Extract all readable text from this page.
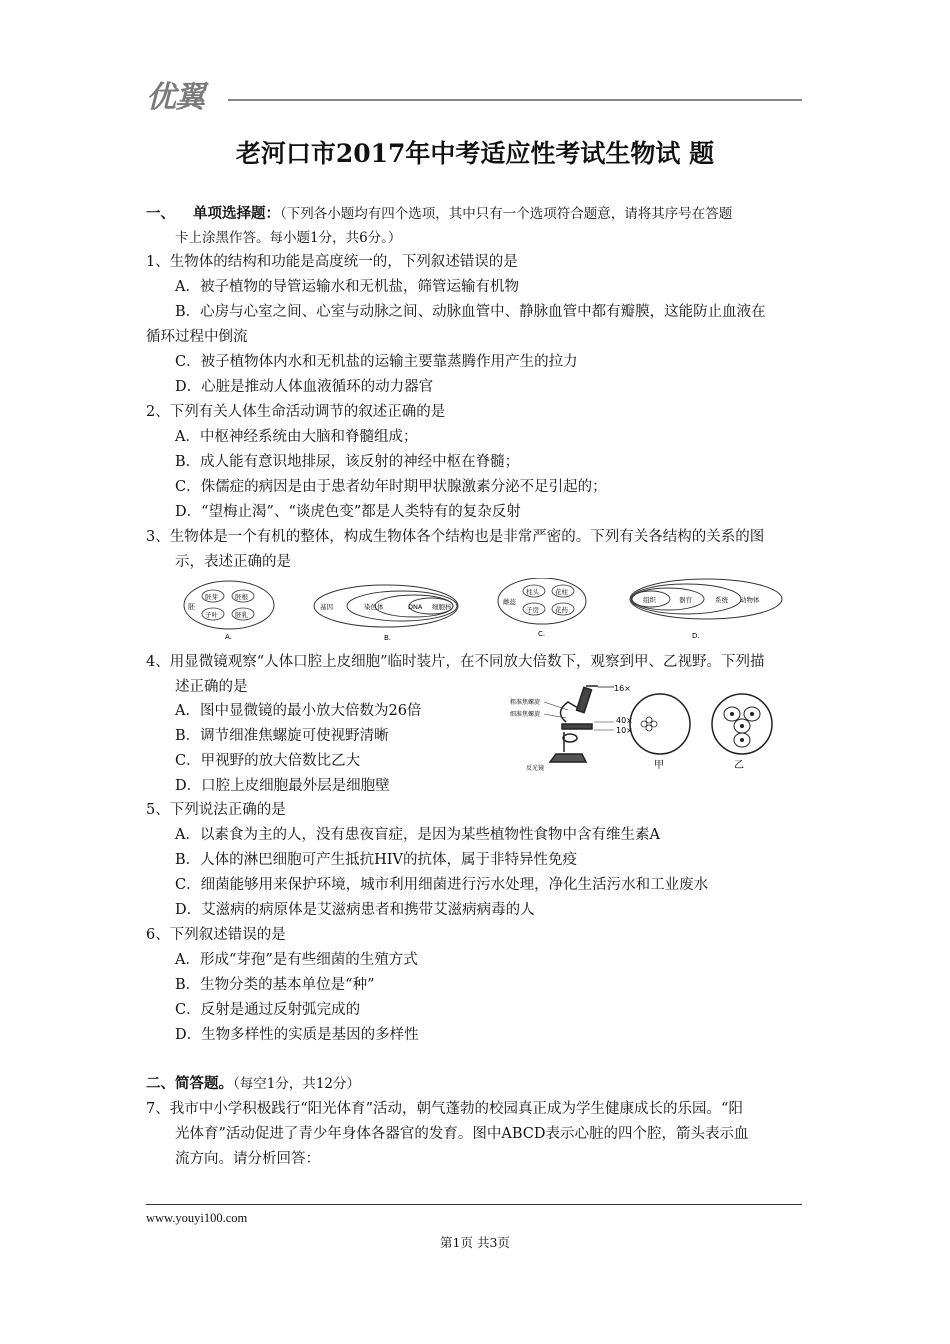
优翼
老河口市2017年中考适应性考试生物试 题
一、 单项选择题：（下列各小题均有四个选项，其中只有一个选项符合题意，请将其序号在答题
卡上涂黑作答。每小题1分，共6分。）
1、生物体的结构和功能是高度统一的，下列叙述错误的是
A．被子植物的导管运输水和无机盐，筛管运输有机物
B．心房与心室之间、心室与动脉之间、动脉血管中、静脉血管中都有瓣膜，这能防止血液在
循环过程中倒流
C．被子植物体内水和无机盐的运输主要靠蒸腾作用产生的拉力
D．心脏是推动人体血液循环的动力器官
2、下列有关人体生命活动调节的叙述正确的是
A．中枢神经系统由大脑和脊髓组成；
B．成人能有意识地排尿，该反射的神经中枢在脊髓；
C．侏儒症的病因是由于患者幼年时期甲状腺激素分泌不足引起的；
D．“望梅止渴”、“谈虎色变”都是人类特有的复杂反射
3、生物体是一个有机的整体，构成生物体各个结构也是非常严密的。下列有关各结构的关系的图
示，表述正确的是
胚
胚芽	胚根
子叶	胚乳
A.
基因	染色体	DNA 细胞核
B.
雌蕊
柱头 花柱
子房 花药
C.
组织	器官	系统 动物体
D.
4、用显微镜观察“人体口腔上皮细胞”临时装片，在不同放大倍数下，观察到甲、乙视野。下列描
述正确的是
A．图中显微镜的最小放大倍数为26倍
B．调节细准焦螺旋可使视野清晰
C．甲视野的放大倍数比乙大
D．口腔上皮细胞最外层是细胞壁
16×
粗准焦螺旋
细准焦螺旋
40×
10×
反光镜	甲	乙
5、下列说法正确的是
A．以素食为主的人，没有患夜盲症，是因为某些植物性食物中含有维生素A
B．人体的淋巴细胞可产生抵抗HIV的抗体，属于非特异性免疫
C．细菌能够用来保护环境，城市利用细菌进行污水处理，净化生活污水和工业废水
D．艾滋病的病原体是艾滋病患者和携带艾滋病病毒的人
6、下列叙述错误的是
A．形成“芽孢”是有些细菌的生殖方式
B．生物分类的基本单位是“种”
C．反射是通过反射弧完成的
D．生物多样性的实质是基因的多样性
二、简答题。（每空1分，共12分）
7、我市中小学积极践行“阳光体育”活动，朝气蓬勃的校园真正成为学生健康成长的乐园。“阳
光体育”活动促进了青少年身体各器官的发育。图中ABCD表示心脏的四个腔，箭头表示血
流方向。请分析回答：
www.youyi100.com
第1页 共3页
